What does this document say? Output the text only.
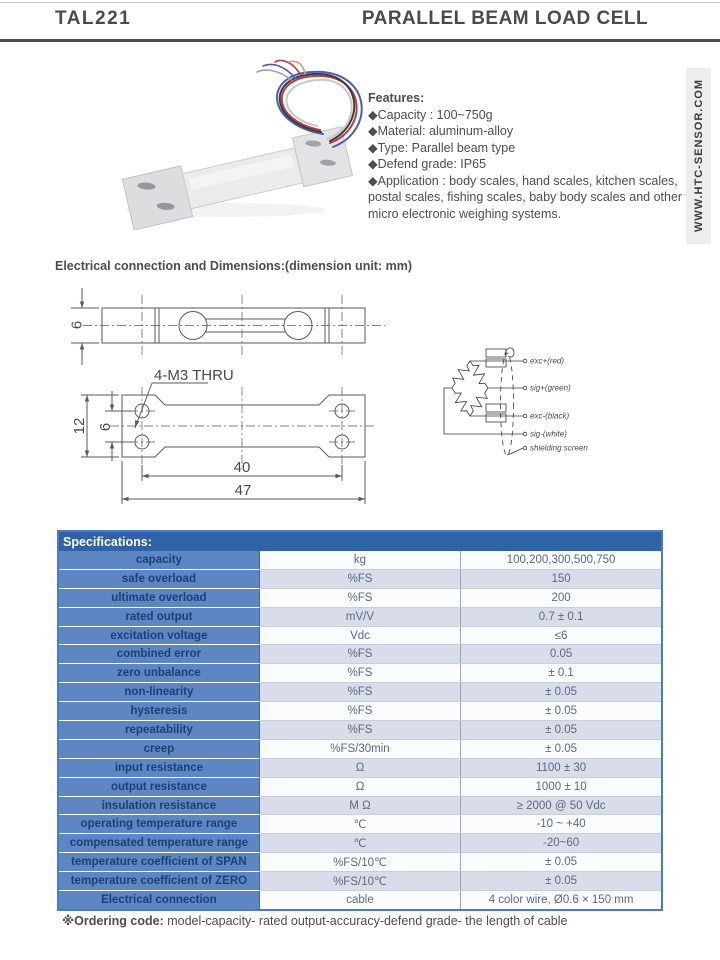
TAL221	PARALLEL BEAM LOAD CELL
Features:
◆Capacity : 100~750g
◆Material: aluminum-alloy
◆Type: Parallel beam type
◆Defend grade: IP65
◆Application : body scales, hand scales, kitchen scales, postal scales, fishing scales, baby body scales and other micro electronic weighing systems.	WWW.HTC-SENSOR.COM
Electrical connection and Dimensions:(dimension unit: mm)
6
4-M3 THRU
12 6
40
47
exc+(red)
sig+(green)
exc-(black)
sig-(white)
shielding screen
Specifications:		
capacity	kg	100,200,300,500,750
safe overload	%FS	150
ultimate overload	%FS	200
rated output	mV/V	0.7 ± 0.1
excitation voltage	Vdc	≤6
combined error	%FS	0.05
zero unbalance	%FS	± 0.1
non-linearity	%FS	± 0.05
hysteresis	%FS	± 0.05
repeatability	%FS	± 0.05
creep	%FS/30min	± 0.05
input resistance	Ω	1100 ± 30
output resistance	Ω	1000 ± 10
insulation resistance	M Ω	≥ 2000 @ 50 Vdc
operating temperature range	℃	-10 ~ +40
compensated temperature range	℃	-20~60
temperature coefficient of SPAN	%FS/10℃	± 0.05
temperature coefficient of ZERO	%FS/10℃	± 0.05
Electrical connection	cable	4 color wire, Ø0.6 × 150 mm
※Ordering code: model-capacity- rated output-accuracy-defend grade- the length of cable
